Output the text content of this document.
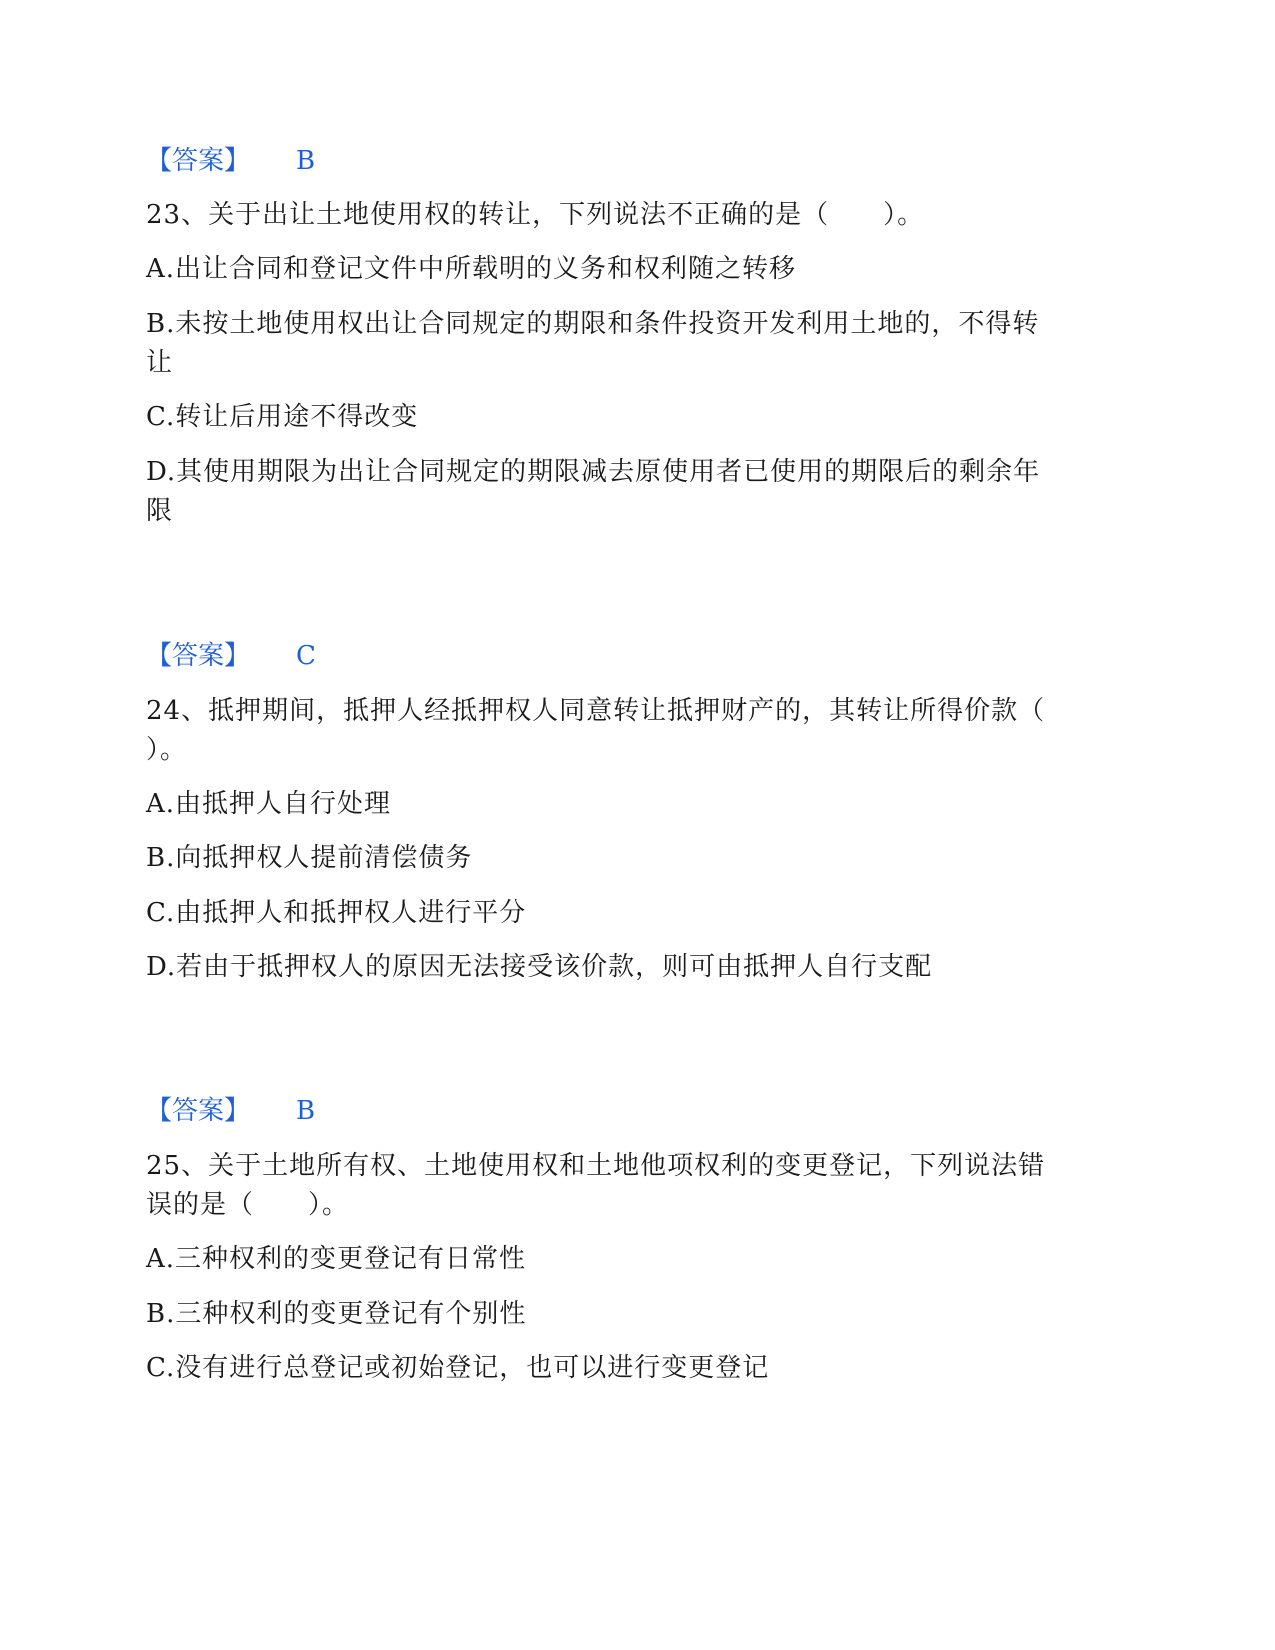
【答案】 B
23、关于出让土地使用权的转让，下列说法不正确的是（　　）。
A.出让合同和登记文件中所载明的义务和权利随之转移
B.未按土地使用权出让合同规定的期限和条件投资开发利用土地的，不得转
让
C.转让后用途不得改变
D.其使用期限为出让合同规定的期限减去原使用者已使用的期限后的剩余年
限
【答案】 C
24、抵押期间，抵押人经抵押权人同意转让抵押财产的，其转让所得价款（
）。
A.由抵押人自行处理
B.向抵押权人提前清偿债务
C.由抵押人和抵押权人进行平分
D.若由于抵押权人的原因无法接受该价款，则可由抵押人自行支配
【答案】 B
25、关于土地所有权、土地使用权和土地他项权利的变更登记，下列说法错
误的是（　　）。
A.三种权利的变更登记有日常性
B.三种权利的变更登记有个别性
C.没有进行总登记或初始登记，也可以进行变更登记
